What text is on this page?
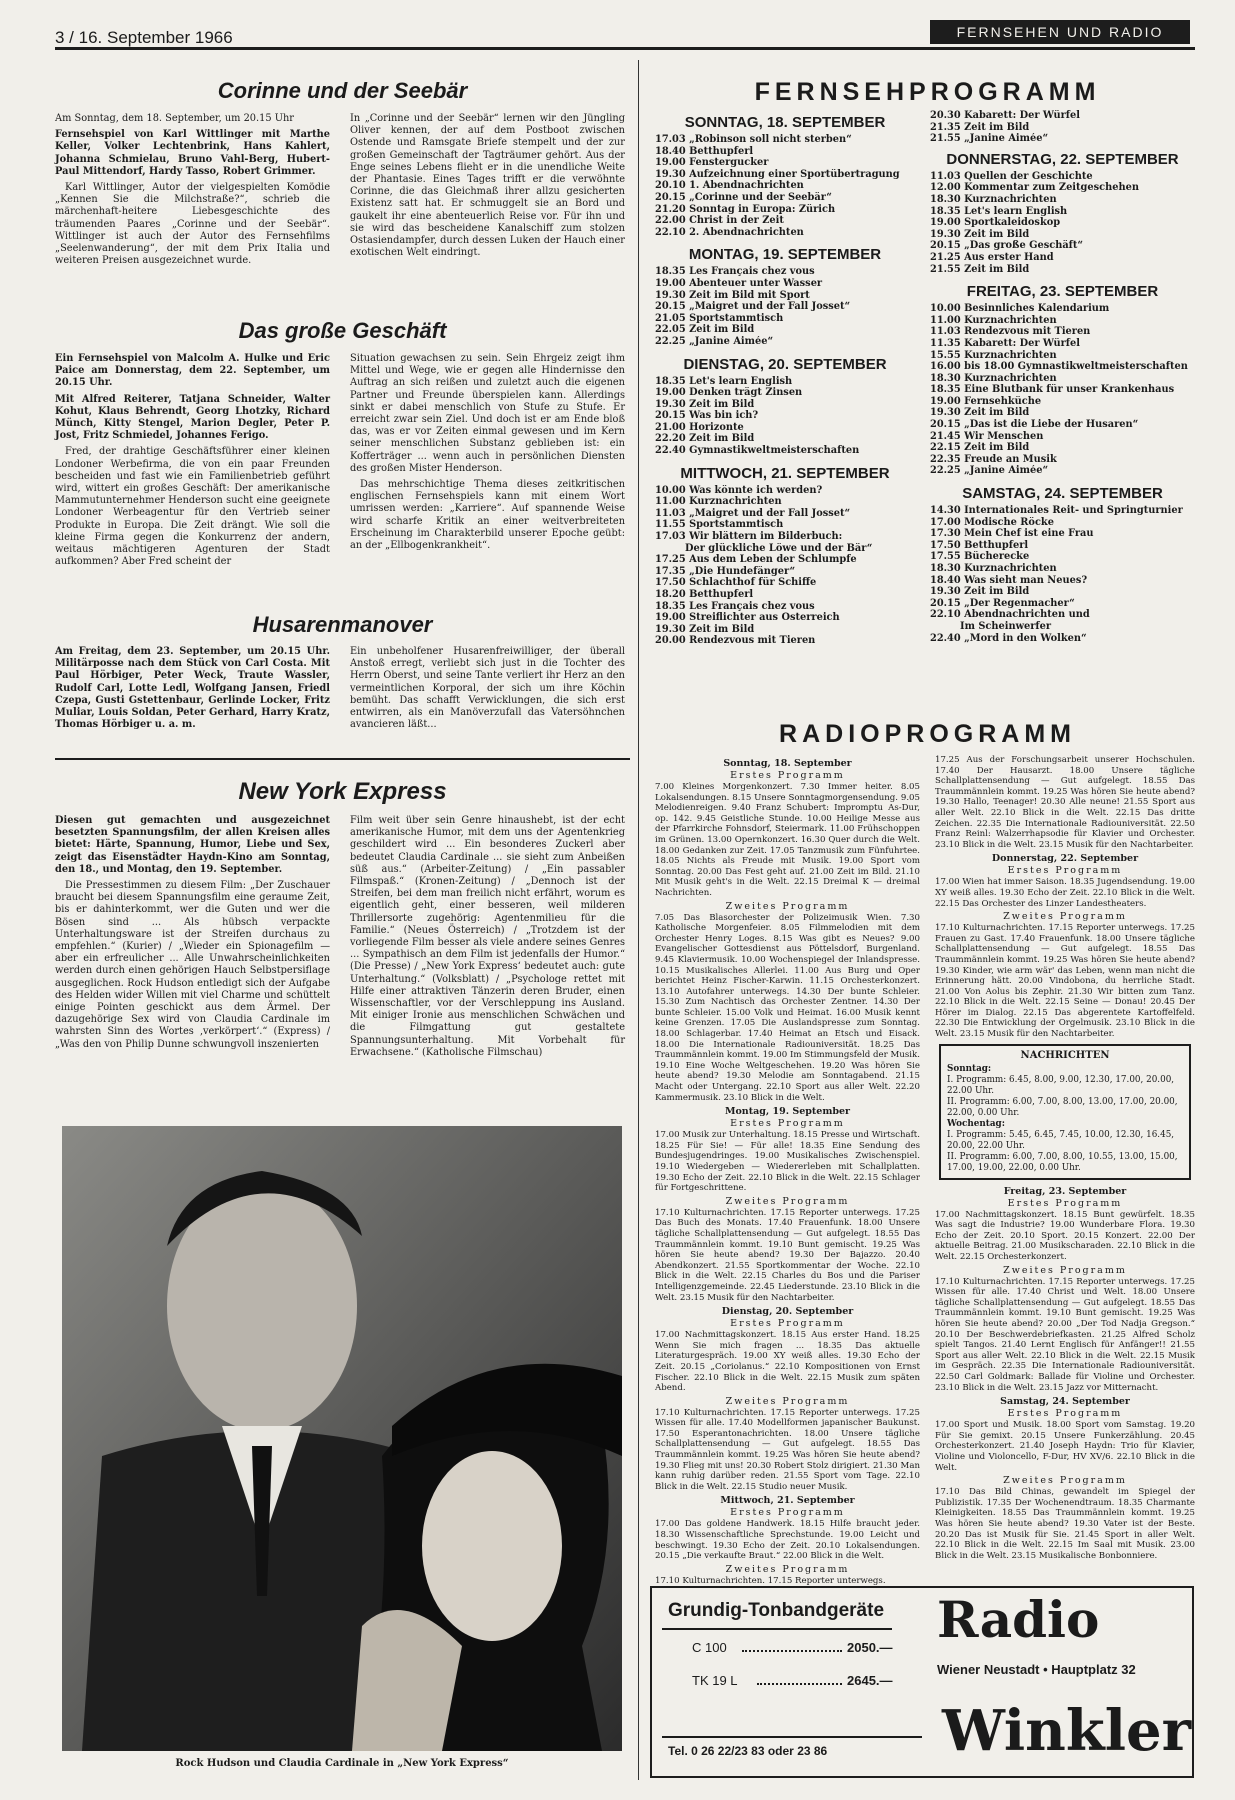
3 / 16. September 1966	FERNSEHEN UND RADIO
Corinne und der Seebär

Am Sonntag, dem 18. September, um 20.15 Uhr

Fernsehspiel von Karl Wittlinger mit Marthe Keller, Volker Lechtenbrink, Hans Kahlert, Johanna Schmielau, Bruno Vahl-Berg, Hubert-Paul Mittendorf, Hardy Tasso, Robert Grimmer.

Karl Wittlinger, Autor der vielgespielten Komödie „Kennen Sie die Milchstraße?“, schrieb die märchenhaft-heitere Liebesgeschichte des träumenden Paares „Corinne und der Seebär“. Wittlinger ist auch der Autor des Fernsehfilms „Seelenwanderung“, der mit dem Prix Italia und weiteren Preisen ausgezeichnet wurde.

In „Corinne und der Seebär“ lernen wir den Jüngling Oliver kennen, der auf dem Postboot zwischen Ostende und Ramsgate Briefe stempelt und der zur großen Gemeinschaft der Tagträumer gehört. Aus der Enge seines Lebens flieht er in die unendliche Weite der Phantasie. Eines Tages trifft er die verwöhnte Corinne, die das Gleichmaß ihrer allzu gesicherten Existenz satt hat. Er schmuggelt sie an Bord und gaukelt ihr eine abenteuerlich Reise vor. Für ihn und sie wird das bescheidene Kanalschiff zum stolzen Ostasiendampfer, durch dessen Luken der Hauch einer exotischen Welt eindringt.

Das große Geschäft

Ein Fernsehspiel von Malcolm A. Hulke und Eric Paice am Donnerstag, dem 22. September, um 20.15 Uhr.

Mit Alfred Reiterer, Tatjana Schneider, Walter Kohut, Klaus Behrendt, Georg Lhotzky, Richard Münch, Kitty Stengel, Marion Degler, Peter P. Jost, Fritz Schmiedel, Johannes Ferigo.

Fred, der drahtige Geschäftsführer einer kleinen Londoner Werbefirma, die von ein paar Freunden bescheiden und fast wie ein Familienbetrieb geführt wird, wittert ein großes Geschäft: Der amerikanische Mammutunternehmer Henderson sucht eine geeignete Londoner Werbeagentur für den Vertrieb seiner Produkte in Europa. Die Zeit drängt. Wie soll die kleine Firma gegen die Konkurrenz der andern, weitaus mächtigeren Agenturen der Stadt aufkommen? Aber Fred scheint der

Situation gewachsen zu sein. Sein Ehrgeiz zeigt ihm Mittel und Wege, wie er gegen alle Hindernisse den Auftrag an sich reißen und zuletzt auch die eigenen Partner und Freunde überspielen kann. Allerdings sinkt er dabei menschlich von Stufe zu Stufe. Er erreicht zwar sein Ziel. Und doch ist er am Ende bloß das, was er vor Zeiten einmal gewesen und im Kern seiner menschlichen Substanz geblieben ist: ein Kofferträger ... wenn auch in persönlichen Diensten des großen Mister Henderson.

Das mehrschichtige Thema dieses zeitkritischen englischen Fernsehspiels kann mit einem Wort umrissen werden: „Karriere“. Auf spannende Weise wird scharfe Kritik an einer weitverbreiteten Erscheinung im Charakterbild unserer Epoche geübt: an der „Ellbogenkrankheit“.

Husarenmanover

Am Freitag, dem 23. September, um 20.15 Uhr. Militärposse nach dem Stück von Carl Costa. Mit Paul Hörbiger, Peter Weck, Traute Wassler, Rudolf Carl, Lotte Ledl, Wolfgang Jansen, Friedl Czepa, Gusti Gstettenbaur, Gerlinde Locker, Fritz Muliar, Louis Soldan, Peter Gerhard, Harry Kratz, Thomas Hörbiger u. a. m.

Ein unbeholfener Husarenfreiwilliger, der überall Anstoß erregt, verliebt sich just in die Tochter des Herrn Oberst, und seine Tante verliert ihr Herz an den vermeintlichen Korporal, der sich um ihre Köchin bemüht. Das schafft Verwicklungen, die sich erst entwirren, als ein Manöverzufall das Vatersöhnchen avancieren läßt...

New York Express

Diesen gut gemachten und ausgezeichnet besetzten Spannungsfilm, der allen Kreisen alles bietet: Härte, Spannung, Humor, Liebe und Sex, zeigt das Eisenstädter Haydn-Kino am Sonntag, den 18., und Montag, den 19. September.

Die Pressestimmen zu diesem Film: „Der Zuschauer braucht bei diesem Spannungsfilm eine geraume Zeit, bis er dahinterkommt, wer die Guten und wer die Bösen sind ... Als hübsch verpackte Unterhaltungsware ist der Streifen durchaus zu empfehlen.“ (Kurier) / „Wieder ein Spionagefilm — aber ein erfreulicher ... Alle Unwahrscheinlichkeiten werden durch einen gehörigen Hauch Selbstpersiflage ausgeglichen. Rock Hudson entledigt sich der Aufgabe des Helden wider Willen mit viel Charme und schüttelt einige Pointen geschickt aus dem Ärmel. Der dazugehörige Sex wird von Claudia Cardinale im wahrsten Sinn des Wortes ‚verkörpert‘.“ (Express) / „Was den von Philip Dunne schwungvoll inszenierten

Film weit über sein Genre hinaushebt, ist der echt amerikanische Humor, mit dem uns der Agentenkrieg geschildert wird ... Ein besonderes Zuckerl aber bedeutet Claudia Cardinale ... sie sieht zum Anbeißen süß aus.“ (Arbeiter-Zeitung) / „Ein passabler Filmspaß.“ (Kronen-Zeitung) / „Dennoch ist der Streifen, bei dem man freilich nicht erfährt, worum es eigentlich geht, einer besseren, weil milderen Thrillersorte zugehörig: Agentenmilieu für die Familie.“ (Neues Österreich) / „Trotzdem ist der vorliegende Film besser als viele andere seines Genres ... Sympathisch an dem Film ist jedenfalls der Humor.“ (Die Presse) / „New York Express‘ bedeutet auch: gute Unterhaltung.“ (Volksblatt) / „Psychologe rettet mit Hilfe einer attraktiven Tänzerin deren Bruder, einen Wissenschaftler, vor der Verschleppung ins Ausland. Mit einiger Ironie aus menschlichen Schwächen und die Filmgattung gut gestaltete Spannungsunterhaltung. Mit Vorbehalt für Erwachsene.“ (Katholische Filmschau)

Rock Hudson und Claudia Cardinale in „New York Express“
FERNSEHPROGRAMM
SONNTAG, 18. SEPTEMBER
17.03 „Robinson soll nicht sterben“
18.40 Betthupferl
19.00 Fenstergucker
19.30 Aufzeichnung einer Sportübertragung
20.10 1. Abendnachrichten
20.15 „Corinne und der Seebär“
21.20 Sonntag in Europa: Zürich
22.00 Christ in der Zeit
22.10 2. Abendnachrichten
MONTAG, 19. SEPTEMBER
18.35 Les Français chez vous
19.00 Abenteuer unter Wasser
19.30 Zeit im Bild mit Sport
20.15 „Maigret und der Fall Josset“
21.05 Sportstammtisch
22.05 Zeit im Bild
22.25 „Janine Aimée“
DIENSTAG, 20. SEPTEMBER
18.35 Let's learn English
19.00 Denken trägt Zinsen
19.30 Zeit im Bild
20.15 Was bin ich?
21.00 Horizonte
22.20 Zeit im Bild
22.40 Gymnastikweltmeisterschaften
MITTWOCH, 21. SEPTEMBER
10.00 Was könnte ich werden?
11.00 Kurznachrichten
11.03 „Maigret und der Fall Josset“
11.55 Sportstammtisch
17.03 Wir blättern im Bilderbuch:
Der glückliche Löwe und der Bär“
17.25 Aus dem Leben der Schlumpfe
17.35 „Die Hundefänger“
17.50 Schlachthof für Schiffe
18.20 Betthupferl
18.35 Les Français chez vous
19.00 Streiflichter aus Österreich
19.30 Zeit im Bild
20.00 Rendezvous mit Tieren
20.30 Kabarett: Der Würfel
21.35 Zeit im Bild
21.55 „Janine Aimée“
DONNERSTAG, 22. SEPTEMBER
11.03 Quellen der Geschichte
12.00 Kommentar zum Zeitgeschehen
18.30 Kurznachrichten
18.35 Let's learn English
19.00 Sportkaleidoskop
19.30 Zeit im Bild
20.15 „Das große Geschäft“
21.25 Aus erster Hand
21.55 Zeit im Bild
FREITAG, 23. SEPTEMBER
10.00 Besinnliches Kalendarium
11.00 Kurznachrichten
11.03 Rendezvous mit Tieren
11.35 Kabarett: Der Würfel
15.55 Kurznachrichten
16.00 bis 18.00 Gymnastikweltmeisterschaften
18.30 Kurznachrichten
18.35 Eine Blutbank für unser Krankenhaus
19.00 Fernsehküche
19.30 Zeit im Bild
20.15 „Das ist die Liebe der Husaren“
21.45 Wir Menschen
22.15 Zeit im Bild
22.35 Freude an Musik
22.25 „Janine Aimée“
SAMSTAG, 24. SEPTEMBER
14.30 Internationales Reit- und Springturnier
17.00 Modische Röcke
17.30 Mein Chef ist eine Frau
17.50 Betthupferl
17.55 Bücherecke
18.30 Kurznachrichten
18.40 Was sieht man Neues?
19.30 Zeit im Bild
20.15 „Der Regenmacher“
22.10 Abendnachrichten und
Im Scheinwerfer
22.40 „Mord in den Wolken“
RADIOPROGRAMM
Sonntag, 18. September
Erstes Programm
7.00 Kleines Morgenkonzert. 7.30 Immer heiter. 8.05 Lokalsendungen. 8.15 Unsere Sonntagmorgensendung. 9.05 Melodienreigen. 9.40 Franz Schubert: Impromptu As-Dur, op. 142. 9.45 Geistliche Stunde. 10.00 Heilige Messe aus der Pfarrkirche Fohnsdorf, Steiermark. 11.00 Frühschoppen im Grünen. 13.00 Opernkonzert. 16.30 Quer durch die Welt. 18.00 Gedanken zur Zeit. 17.05 Tanzmusik zum Fünfuhrtee. 18.05 Nichts als Freude mit Musik. 19.00 Sport vom Sonntag. 20.00 Das Fest geht auf. 21.00 Zeit im Bild. 21.10 Mit Musik geht's in die Welt. 22.15 Dreimal K — dreimal Nachrichten.
Zweites Programm
7.05 Das Blasorchester der Polizeimusik Wien. 7.30 Katholische Morgenfeier. 8.05 Filmmelodien mit dem Orchester Henry Loges. 8.15 Was gibt es Neues? 9.00 Evangelischer Gottesdienst aus Pöttelsdorf, Burgenland. 9.45 Klaviermusik. 10.00 Wochenspiegel der Inlandspresse. 10.15 Musikalisches Allerlei. 11.00 Aus Burg und Oper berichtet Heinz Fischer-Karwin. 11.15 Orchesterkonzert. 13.10 Autofahrer unterwegs. 14.30 Der bunte Schleier. 15.30 Zum Nachtisch das Orchester Zentner. 14.30 Der bunte Schleier. 15.00 Volk und Heimat. 16.00 Musik kennt keine Grenzen. 17.05 Die Auslandspresse zum Sonntag. 18.00 Schlagerbar. 17.40 Heimat an Etsch und Eisack. 18.00 Die Internationale Radiouniversität. 18.25 Das Traummännlein kommt. 19.00 Im Stimmungsfeld der Musik. 19.10 Eine Woche Weltgeschehen. 19.20 Was hören Sie heute abend? 19.30 Melodie am Sonntagabend. 21.15 Macht oder Untergang. 22.10 Sport aus aller Welt. 22.20 Kammermusik. 23.10 Blick in die Welt.
Montag, 19. September
Erstes Programm
17.00 Musik zur Unterhaltung. 18.15 Presse und Wirtschaft. 18.25 Für Sie! — Für alle! 18.35 Eine Sendung des Bundesjugendringes. 19.00 Musikalisches Zwischenspiel. 19.10 Wiedergeben — Wiedererleben mit Schallplatten. 19.30 Echo der Zeit. 22.10 Blick in die Welt. 22.15 Schlager für Fortgeschrittene.
Zweites Programm
17.10 Kulturnachrichten. 17.15 Reporter unterwegs. 17.25 Das Buch des Monats. 17.40 Frauenfunk. 18.00 Unsere tägliche Schallplattensendung — Gut aufgelegt. 18.55 Das Traummännlein kommt. 19.10 Bunt gemischt. 19.25 Was hören Sie heute abend? 19.30 Der Bajazzo. 20.40 Abendkonzert. 21.55 Sportkommentar der Woche. 22.10 Blick in die Welt. 22.15 Charles du Bos und die Pariser Intelligenzgemeinde. 22.45 Liederstunde. 23.10 Blick in die Welt. 23.15 Musik für den Nachtarbeiter.
Dienstag, 20. September
Erstes Programm
17.00 Nachmittagskonzert. 18.15 Aus erster Hand. 18.25 Wenn Sie mich fragen ... 18.35 Das aktuelle Literaturgespräch. 19.00 XY weiß alles. 19.30 Echo der Zeit. 20.15 „Coriolanus.“ 22.10 Kompositionen von Ernst Fischer. 22.10 Blick in die Welt. 22.15 Musik zum späten Abend.
Zweites Programm
17.10 Kulturnachrichten. 17.15 Reporter unterwegs. 17.25 Wissen für alle. 17.40 Modellformen japanischer Baukunst. 17.50 Esperantonachrichten. 18.00 Unsere tägliche Schallplattensendung — Gut aufgelegt. 18.55 Das Traummännlein kommt. 19.25 Was hören Sie heute abend? 19.30 Flieg mit uns! 20.30 Robert Stolz dirigiert. 21.30 Man kann ruhig darüber reden. 21.55 Sport vom Tage. 22.10 Blick in die Welt. 22.15 Studio neuer Musik.
Mittwoch, 21. September
Erstes Programm
17.00 Das goldene Handwerk. 18.15 Hilfe braucht jeder. 18.30 Wissenschaftliche Sprechstunde. 19.00 Leicht und beschwingt. 19.30 Echo der Zeit. 20.10 Lokalsendungen. 20.15 „Die verkaufte Braut.“ 22.00 Blick in die Welt.
Zweites Programm
17.10 Kulturnachrichten. 17.15 Reporter unterwegs.
17.25 Aus der Forschungsarbeit unserer Hochschulen. 17.40 Der Hausarzt. 18.00 Unsere tägliche Schallplattensendung — Gut aufgelegt. 18.55 Das Traummännlein kommt. 19.25 Was hören Sie heute abend? 19.30 Hallo, Teenager! 20.30 Alle neune! 21.55 Sport aus aller Welt. 22.10 Blick in die Welt. 22.15 Das dritte Zeichen. 22.35 Die Internationale Radiouniversität. 22.50 Franz Reinl: Walzerrhapsodie für Klavier und Orchester. 23.10 Blick in die Welt. 23.15 Musik für den Nachtarbeiter.
Donnerstag, 22. September
Erstes Programm
17.00 Wien hat immer Saison. 18.35 Jugendsendung. 19.00 XY weiß alles. 19.30 Echo der Zeit. 22.10 Blick in die Welt. 22.15 Das Orchester des Linzer Landestheaters.
Zweites Programm
17.10 Kulturnachrichten. 17.15 Reporter unterwegs. 17.25 Frauen zu Gast. 17.40 Frauenfunk. 18.00 Unsere tägliche Schallplattensendung — Gut aufgelegt. 18.55 Das Traummännlein kommt. 19.25 Was hören Sie heute abend? 19.30 Kinder, wie arm wär' das Leben, wenn man nicht die Erinnerung hätt. 20.00 Vindobona, du herrliche Stadt. 21.00 Von Aolus bis Zephir. 21.30 Wir bitten zum Tanz. 22.10 Blick in die Welt. 22.15 Seine — Donau! 20.45 Der Hörer im Dialog. 22.15 Das abgerentete Kartoffelfeld. 22.30 Die Entwicklung der Orgelmusik. 23.10 Blick in die Welt. 23.15 Musik für den Nachtarbeiter.
NACHRICHTEN
Sonntag:
I. Programm: 6.45, 8.00, 9.00, 12.30, 17.00, 20.00, 22.00 Uhr.
II. Programm: 6.00, 7.00, 8.00, 13.00, 17.00, 20.00, 22.00, 0.00 Uhr.
Wochentag:
I. Programm: 5.45, 6.45, 7.45, 10.00, 12.30, 16.45, 20.00, 22.00 Uhr.
II. Programm: 6.00, 7.00, 8.00, 10.55, 13.00, 15.00, 17.00, 19.00, 22.00, 0.00 Uhr.
Freitag, 23. September
Erstes Programm
17.00 Nachmittagskonzert. 18.15 Bunt gewürfelt. 18.35 Was sagt die Industrie? 19.00 Wunderbare Flora. 19.30 Echo der Zeit. 20.10 Sport. 20.15 Konzert. 22.00 Der aktuelle Beitrag. 21.00 Musikscharaden. 22.10 Blick in die Welt. 22.15 Orchesterkonzert.
Zweites Programm
17.10 Kulturnachrichten. 17.15 Reporter unterwegs. 17.25 Wissen für alle. 17.40 Christ und Welt. 18.00 Unsere tägliche Schallplattensendung — Gut aufgelegt. 18.55 Das Traummännlein kommt. 19.10 Bunt gemischt. 19.25 Was hören Sie heute abend? 20.00 „Der Tod Nadja Gregson.“ 20.10 Der Beschwerdebriefkasten. 21.25 Alfred Scholz spielt Tangos. 21.40 Lernt Englisch für Anfänger!! 21.55 Sport aus aller Welt. 22.10 Blick in die Welt. 22.15 Musik im Gespräch. 22.35 Die Internationale Radiouniversität. 22.50 Carl Goldmark: Ballade für Violine und Orchester. 23.10 Blick in die Welt. 23.15 Jazz vor Mitternacht.
Samstag, 24. September
Erstes Programm
17.00 Sport und Musik. 18.00 Sport vom Samstag. 19.20 Für Sie gemixt. 20.15 Unsere Funkerzählung. 20.45 Orchesterkonzert. 21.40 Joseph Haydn: Trio für Klavier, Violine und Violoncello, F-Dur, HV XV/6. 22.10 Blick in die Welt.
Zweites Programm
17.10 Das Bild Chinas, gewandelt im Spiegel der Publizistik. 17.35 Der Wochenendtraum. 18.35 Charmante Kleinigkeiten. 18.55 Das Traummännlein kommt. 19.25 Was hören Sie heute abend? 19.30 Vater ist der Beste. 20.20 Das ist Musik für Sie. 21.45 Sport in aller Welt. 22.10 Blick in die Welt. 22.15 Im Saal mit Musik. 23.00 Blick in die Welt. 23.15 Musikalische Bonbonniere.
Grundig-Tonbandgeräte
C 100	2050.—
TK 19 L	2645.—
Radio
Wiener Neustadt • Hauptplatz 32
Winkler
Tel. 0 26 22/23 83 oder 23 86
